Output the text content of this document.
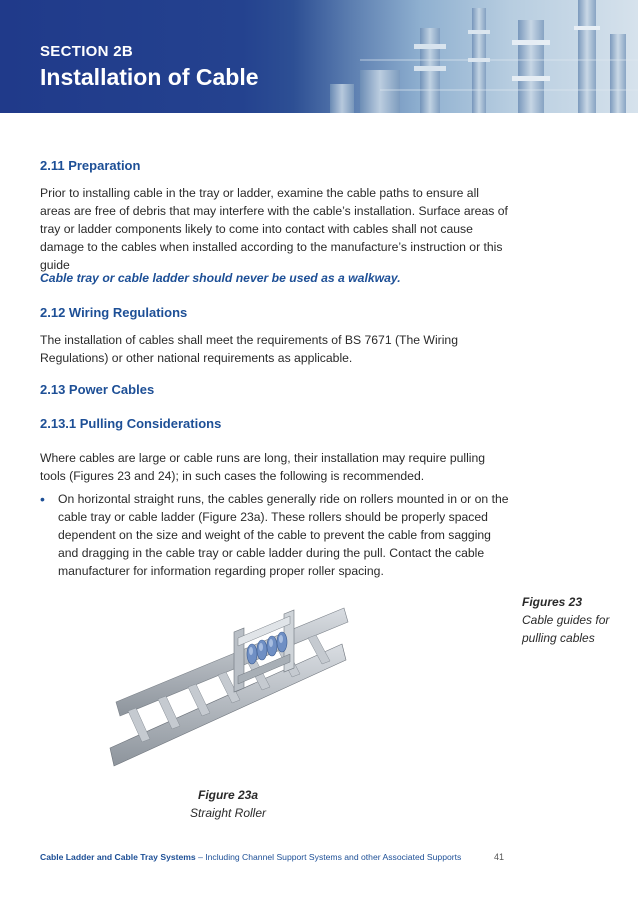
SECTION 2B
Installation of Cable
2.11 Preparation

Prior to installing cable in the tray or ladder, examine the cable paths to ensure all areas are free of debris that may interfere with the cable’s installation. Surface areas of tray or ladder components likely to come into contact with cables shall not cause damage to the cables when installed according to the manufacture’s instruction or this guide

Cable tray or cable ladder should never be used as a walkway.
2.12 Wiring Regulations

The installation of cables shall meet the requirements of BS 7671 (The Wiring Regulations) or other national requirements as applicable.

2.13 Power Cables
2.13.1 Pulling Considerations

Where cables are large or cable runs are long, their installation may require pulling tools (Figures 23 and 24); in such cases the following is recommended.

• On horizontal straight runs, the cables generally ride on rollers mounted in or on the cable tray or cable ladder (Figure 23a). These rollers should be properly spaced dependent on the size and weight of the cable to prevent the cable from sagging and dragging in the cable tray or cable ladder during the pull. Contact the cable manufacturer for information regarding proper roller spacing.
Figures 23
Cable guides for pulling cables
Figure 23a
Straight Roller
Cable Ladder and Cable Tray Systems – Including Channel Support Systems and other Associated Supports	41
